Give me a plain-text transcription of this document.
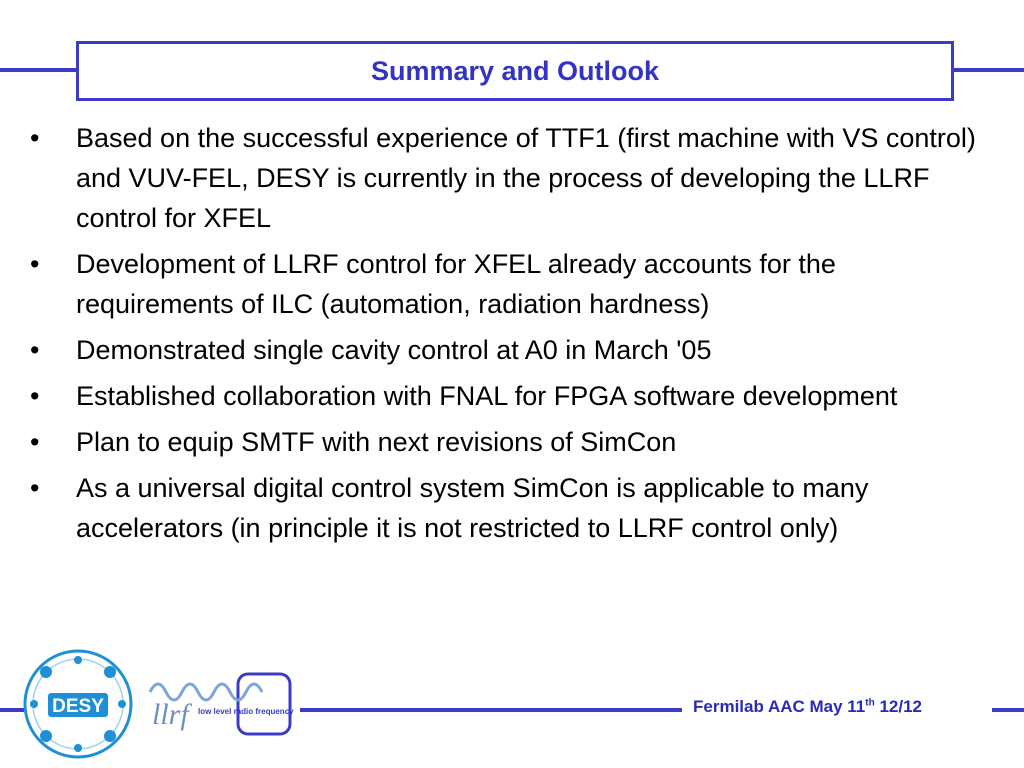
Summary and Outlook
•	Based on the successful experience of TTF1 (first machine with VS control) and VUV-FEL, DESY is currently in the process of developing the LLRF control for XFEL
•	Development of LLRF control for XFEL already accounts for the requirements of ILC (automation, radiation hardness)
•	Demonstrated single cavity control at A0 in March '05
•	Established collaboration with FNAL for FPGA software development
•	Plan to equip SMTF with next revisions of SimCon
•	As a universal digital control system SimCon is applicable to many accelerators (in principle it is not restricted to LLRF control only)
DESY llrf	low level radio frequency	Fermilab AAC May 11th 12/12
